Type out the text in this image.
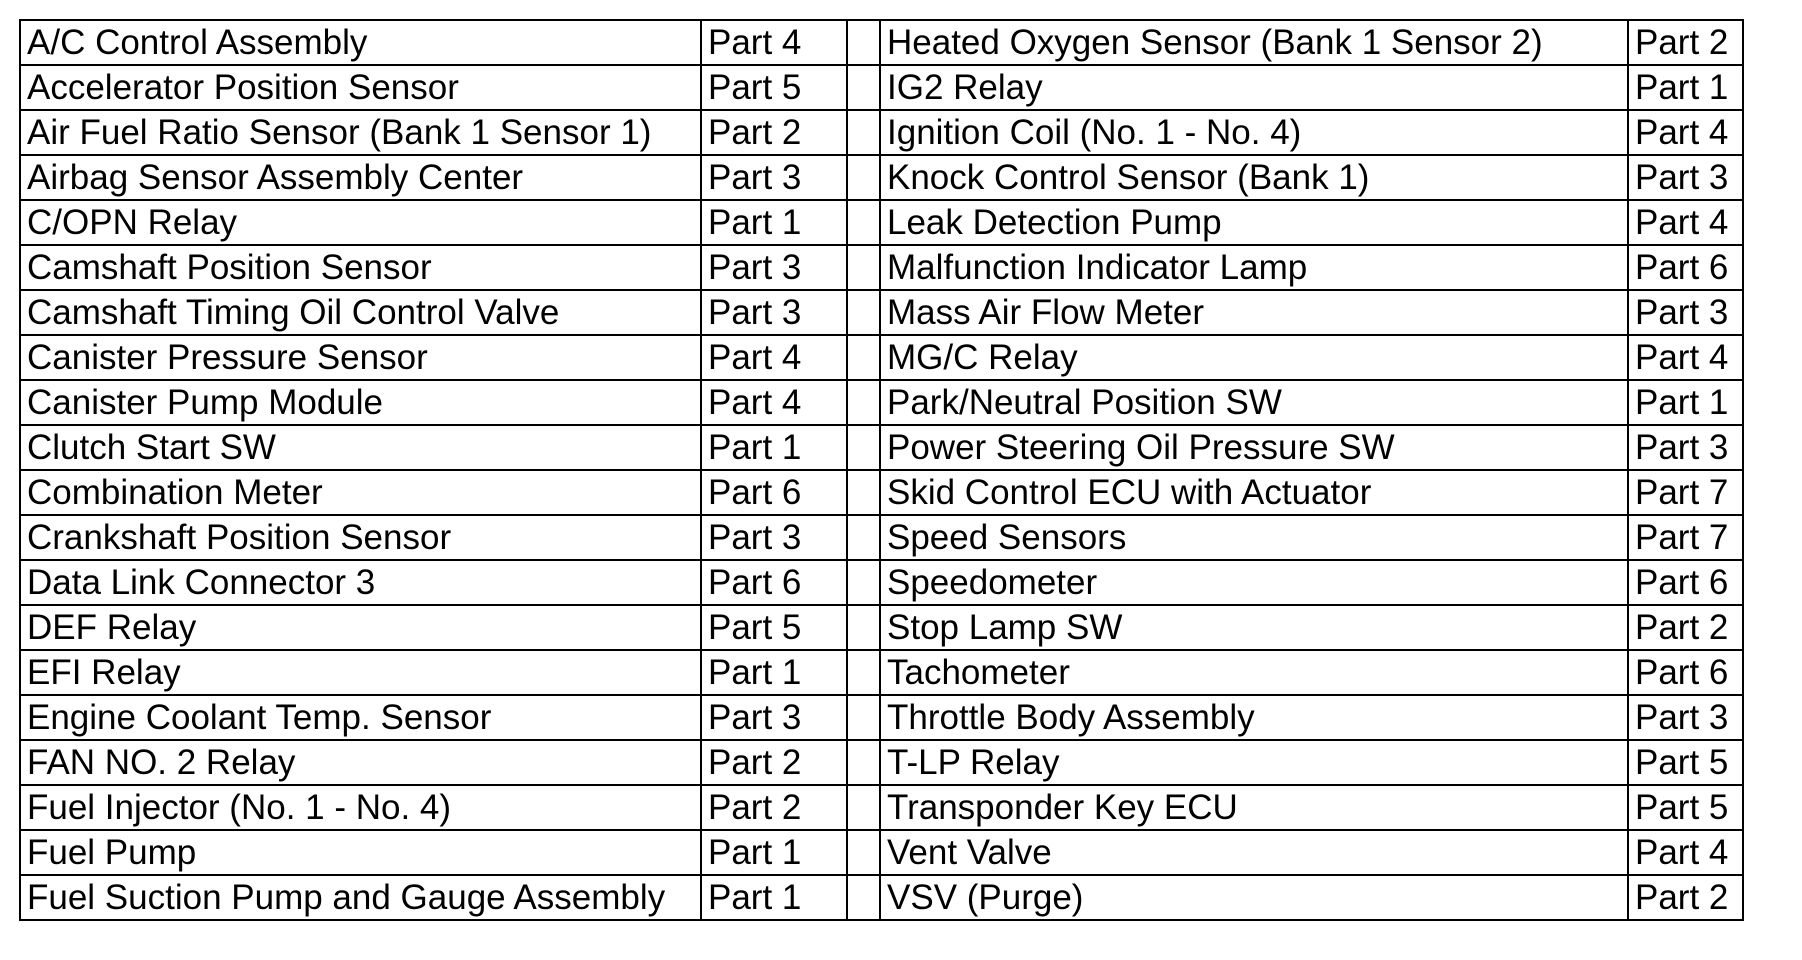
A/C Control Assembly	Part 4		Heated Oxygen Sensor (Bank 1 Sensor 2)	Part 2
Accelerator Position Sensor	Part 5		IG2 Relay	Part 1
Air Fuel Ratio Sensor (Bank 1 Sensor 1)	Part 2		Ignition Coil (No. 1 - No. 4)	Part 4
Airbag Sensor Assembly Center	Part 3		Knock Control Sensor (Bank 1)	Part 3
C/OPN Relay	Part 1		Leak Detection Pump	Part 4
Camshaft Position Sensor	Part 3		Malfunction Indicator Lamp	Part 6
Camshaft Timing Oil Control Valve	Part 3		Mass Air Flow Meter	Part 3
Canister Pressure Sensor	Part 4		MG/C Relay	Part 4
Canister Pump Module	Part 4		Park/Neutral Position SW	Part 1
Clutch Start SW	Part 1		Power Steering Oil Pressure SW	Part 3
Combination Meter	Part 6		Skid Control ECU with Actuator	Part 7
Crankshaft Position Sensor	Part 3		Speed Sensors	Part 7
Data Link Connector 3	Part 6		Speedometer	Part 6
DEF Relay	Part 5		Stop Lamp SW	Part 2
EFI Relay	Part 1		Tachometer	Part 6
Engine Coolant Temp. Sensor	Part 3		Throttle Body Assembly	Part 3
FAN NO. 2 Relay	Part 2		T-LP Relay	Part 5
Fuel Injector (No. 1 - No. 4)	Part 2		Transponder Key ECU	Part 5
Fuel Pump	Part 1		Vent Valve	Part 4
Fuel Suction Pump and Gauge Assembly	Part 1		VSV (Purge)	Part 2
